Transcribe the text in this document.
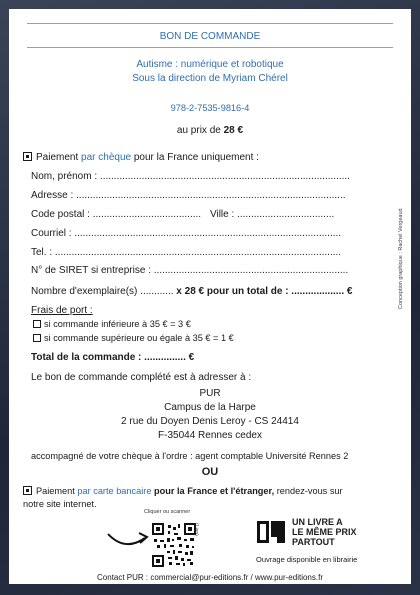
BON DE COMMANDE
Autisme : numérique et robotique
Sous la direction de Myriam Chérel
978-2-7535-9816-4
au prix de 28 €
Paiement par chèque pour la France uniquement :
Nom, prénom : ..........................................................................................
Adresse : .................................................................................................
Code postal : ....................................... Ville : ...................................
Courriel : ................................................................................................
Tel. : .......................................................................................................
N° de SIRET si entreprise : ......................................................................
Nombre d'exemplaire(s) ............ x 28 € pour un total de : ................... €
Frais de port :
si commande inférieure à 35 € = 3 €
si commande supérieure ou égale à 35 € = 1 €
Total de la commande : ............... €
Le bon de commande complété est à adresser à :
PUR
Campus de la Harpe
2 rue du Doyen Denis Leroy - CS 24414
F-35044 Rennes cedex
accompagné de votre chèque à l'ordre : agent comptable Université Rennes 2
OU
Paiement par carte bancaire pour la France et l'étranger, rendez-vous sur
notre site internet.
Cliquer ou scanner
(Lien)
UN LIVRE A
LE MÊME PRIX
PARTOUT
Ouvrage disponible en librairie
Contact PUR : commercial@pur-editions.fr / www.pur-editions.fr
Conception graphique : Rachel Vergeaud
